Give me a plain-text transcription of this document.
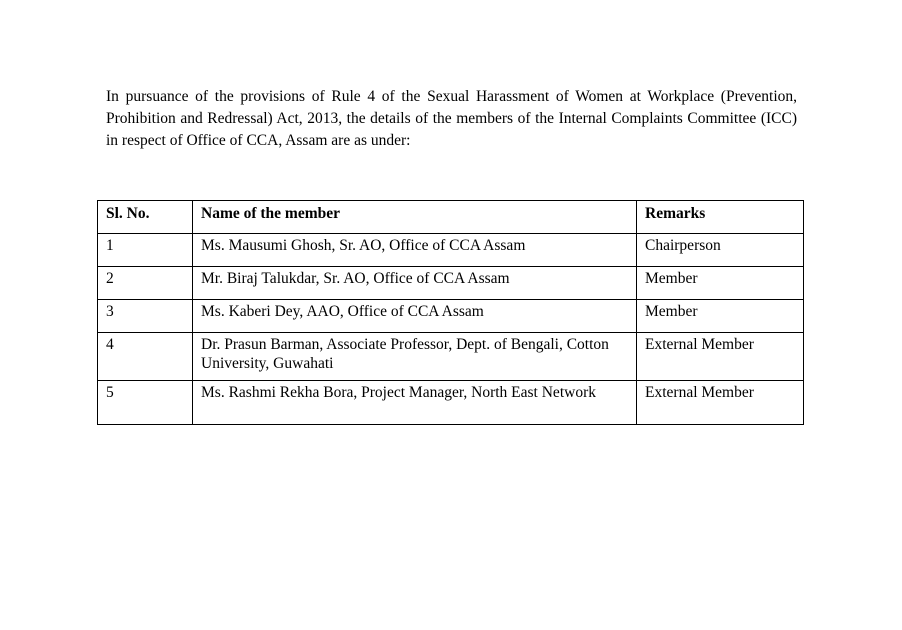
In pursuance of the provisions of Rule 4 of the Sexual Harassment of Women at Workplace (Prevention, Prohibition and Redressal) Act, 2013, the details of the members of the Internal Complaints Committee (ICC) in respect of Office of CCA, Assam are as under:

Sl. No.	Name of the member	Remarks
1	Ms. Mausumi Ghosh, Sr. AO, Office of CCA Assam	Chairperson
2	Mr. Biraj Talukdar, Sr. AO, Office of CCA Assam	Member
3	Ms. Kaberi Dey, AAO, Office of CCA Assam	Member
4	Dr. Prasun Barman, Associate Professor, Dept. of Bengali, Cotton University, Guwahati	External Member
5	Ms. Rashmi Rekha Bora, Project Manager, North East Network	External Member
